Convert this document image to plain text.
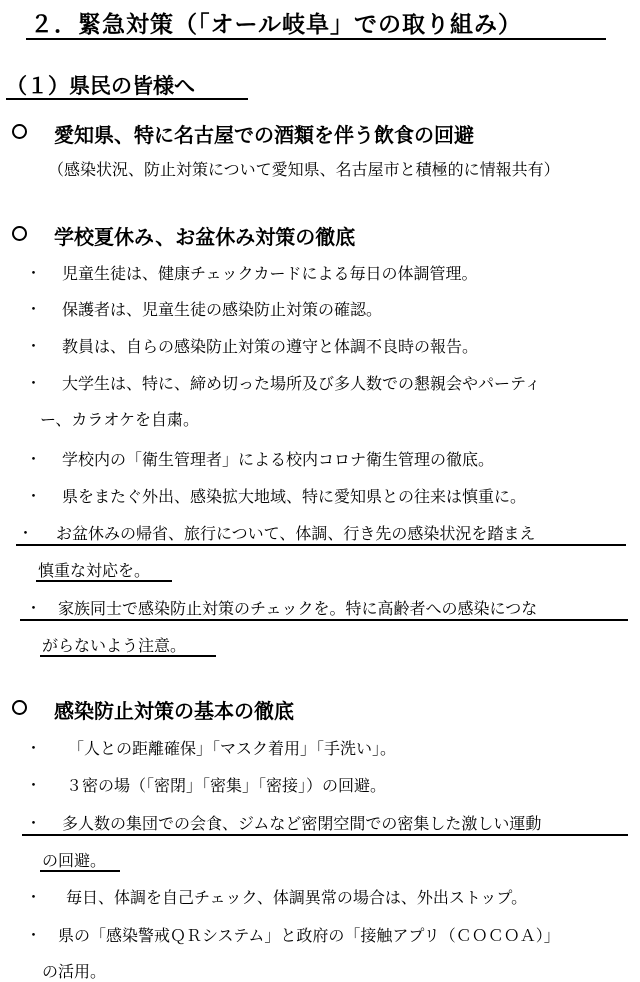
２．緊急対策（「オール岐阜」での取り組み）
（１）県民の皆様へ
愛知県、特に名古屋での酒類を伴う飲食の回避
（感染状況、防止対策について愛知県、名古屋市と積極的に情報共有）
学校夏休み、お盆休み対策の徹底
・ 児童生徒は、健康チェックカードによる毎日の体調管理。
・ 保護者は、児童生徒の感染防止対策の確認。
・ 教員は、自らの感染防止対策の遵守と体調不良時の報告。
・ 大学生は、特に、締め切った場所及び多人数での懇親会やパーティ
ー、カラオケを自粛。
・ 学校内の「衛生管理者」による校内コロナ衛生管理の徹底。
・ 県をまたぐ外出、感染拡大地域、特に愛知県との往来は慎重に。
・ お盆休みの帰省、旅行について、体調、行き先の感染状況を踏まえ
慎重な対応を。
・ 家族同士で感染防止対策のチェックを。特に高齢者への感染につな
がらないよう注意。
感染防止対策の基本の徹底
・ 「人との距離確保」「マスク着用」「手洗い」。
・ ３密の場（「密閉」「密集」「密接」）の回避。
・ 多人数の集団での会食、ジムなど密閉空間での密集した激しい運動
の回避。
・ 毎日、体調を自己チェック、体調異常の場合は、外出ストップ。
・ 県の「感染警戒ＱＲシステム」と政府の「接触アプリ（ＣＯＣＯＡ）」
の活用。
